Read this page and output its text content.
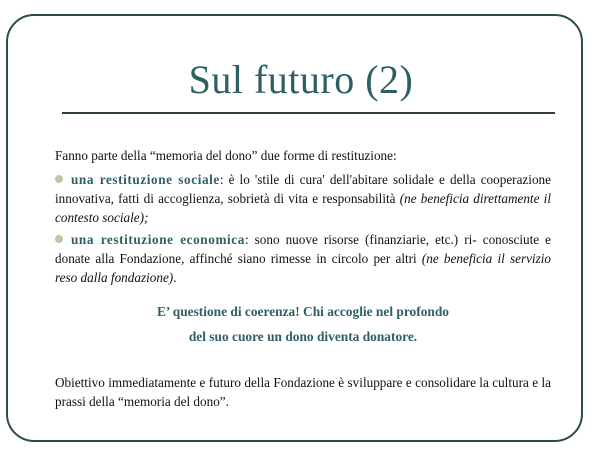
Sul futuro (2)

Fanno parte della “memoria del dono” due forme di restituzione:

una restituzione sociale: è lo 'stile di cura' dell'abitare solidale e della cooperazione innovativa, fatti di accoglienza, sobrietà di vita e responsabilità (ne beneficia direttamente il contesto sociale);

una restituzione economica: sono nuove risorse (finanziarie, etc.) ri- conosciute e donate alla Fondazione, affinché siano rimesse in circolo per altri (ne beneficia il servizio reso dalla fondazione).

E’ questione di coerenza! Chi accoglie nel profondo
del suo cuore un dono diventa donatore.

Obiettivo immediatamente e futuro della Fondazione è sviluppare e consolidare la cultura e la prassi della “memoria del dono”.
